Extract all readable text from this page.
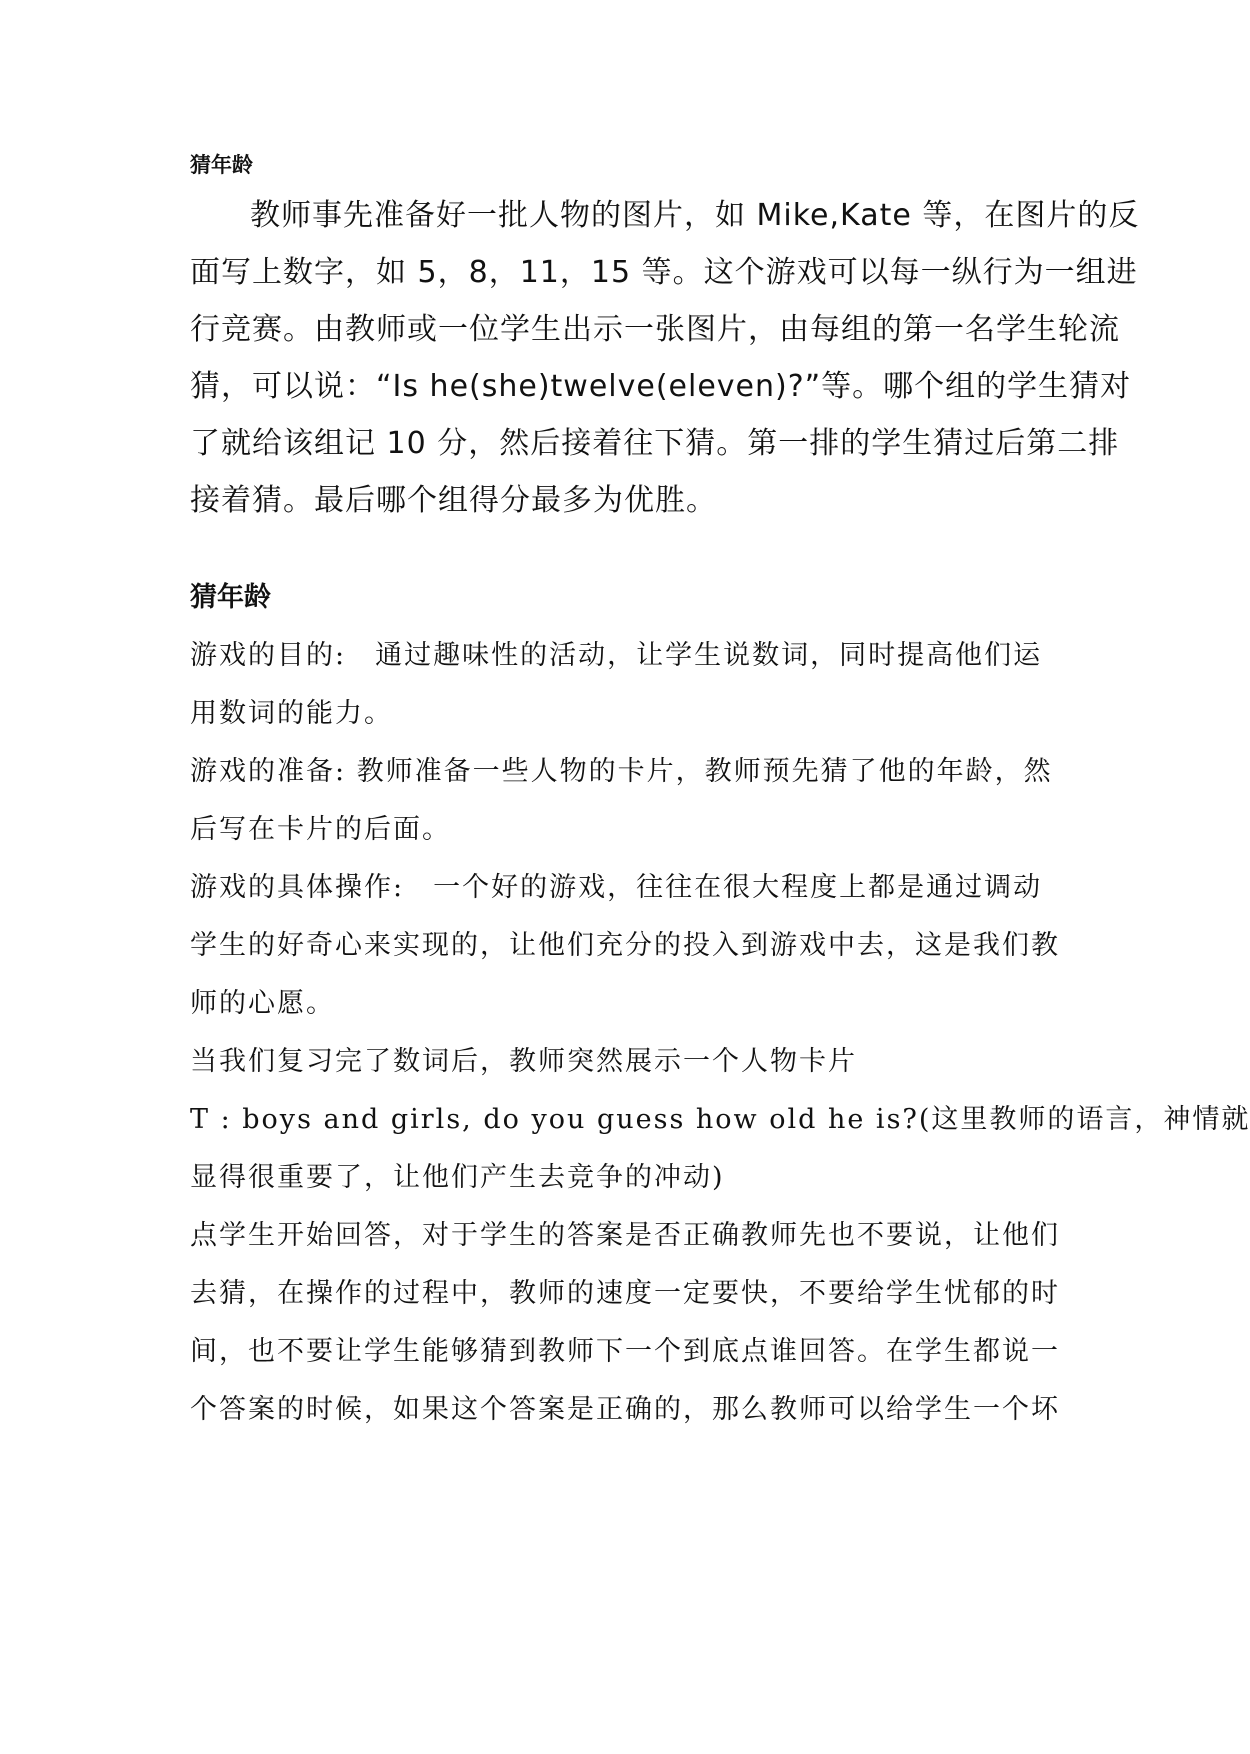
猜年龄
教师事先准备好一批人物的图片，如 Mike,Kate 等，在图片的反
面写上数字，如 5，8，11，15 等。这个游戏可以每一纵行为一组进
行竞赛。由教师或一位学生出示一张图片，由每组的第一名学生轮流
猜，可以说：“Is he(she)twelve(eleven)?”等。哪个组的学生猜对
了就给该组记 10 分，然后接着往下猜。第一排的学生猜过后第二排
接着猜。最后哪个组得分最多为优胜。
猜年龄
游戏的目的:　通过趣味性的活动，让学生说数词，同时提高他们运
用数词的能力。
游戏的准备: 教师准备一些人物的卡片，教师预先猜了他的年龄，然
后写在卡片的后面。
游戏的具体操作:　一个好的游戏，往往在很大程度上都是通过调动
学生的好奇心来实现的，让他们充分的投入到游戏中去，这是我们教
师的心愿。
当我们复习完了数词后，教师突然展示一个人物卡片
T : boys and girls, do you guess how old he is?(这里教师的语言，神情就
显得很重要了，让他们产生去竞争的冲动)
点学生开始回答，对于学生的答案是否正确教师先也不要说，让他们
去猜，在操作的过程中，教师的速度一定要快，不要给学生忧郁的时
间，也不要让学生能够猜到教师下一个到底点谁回答。在学生都说一
个答案的时候，如果这个答案是正确的，那么教师可以给学生一个坏
